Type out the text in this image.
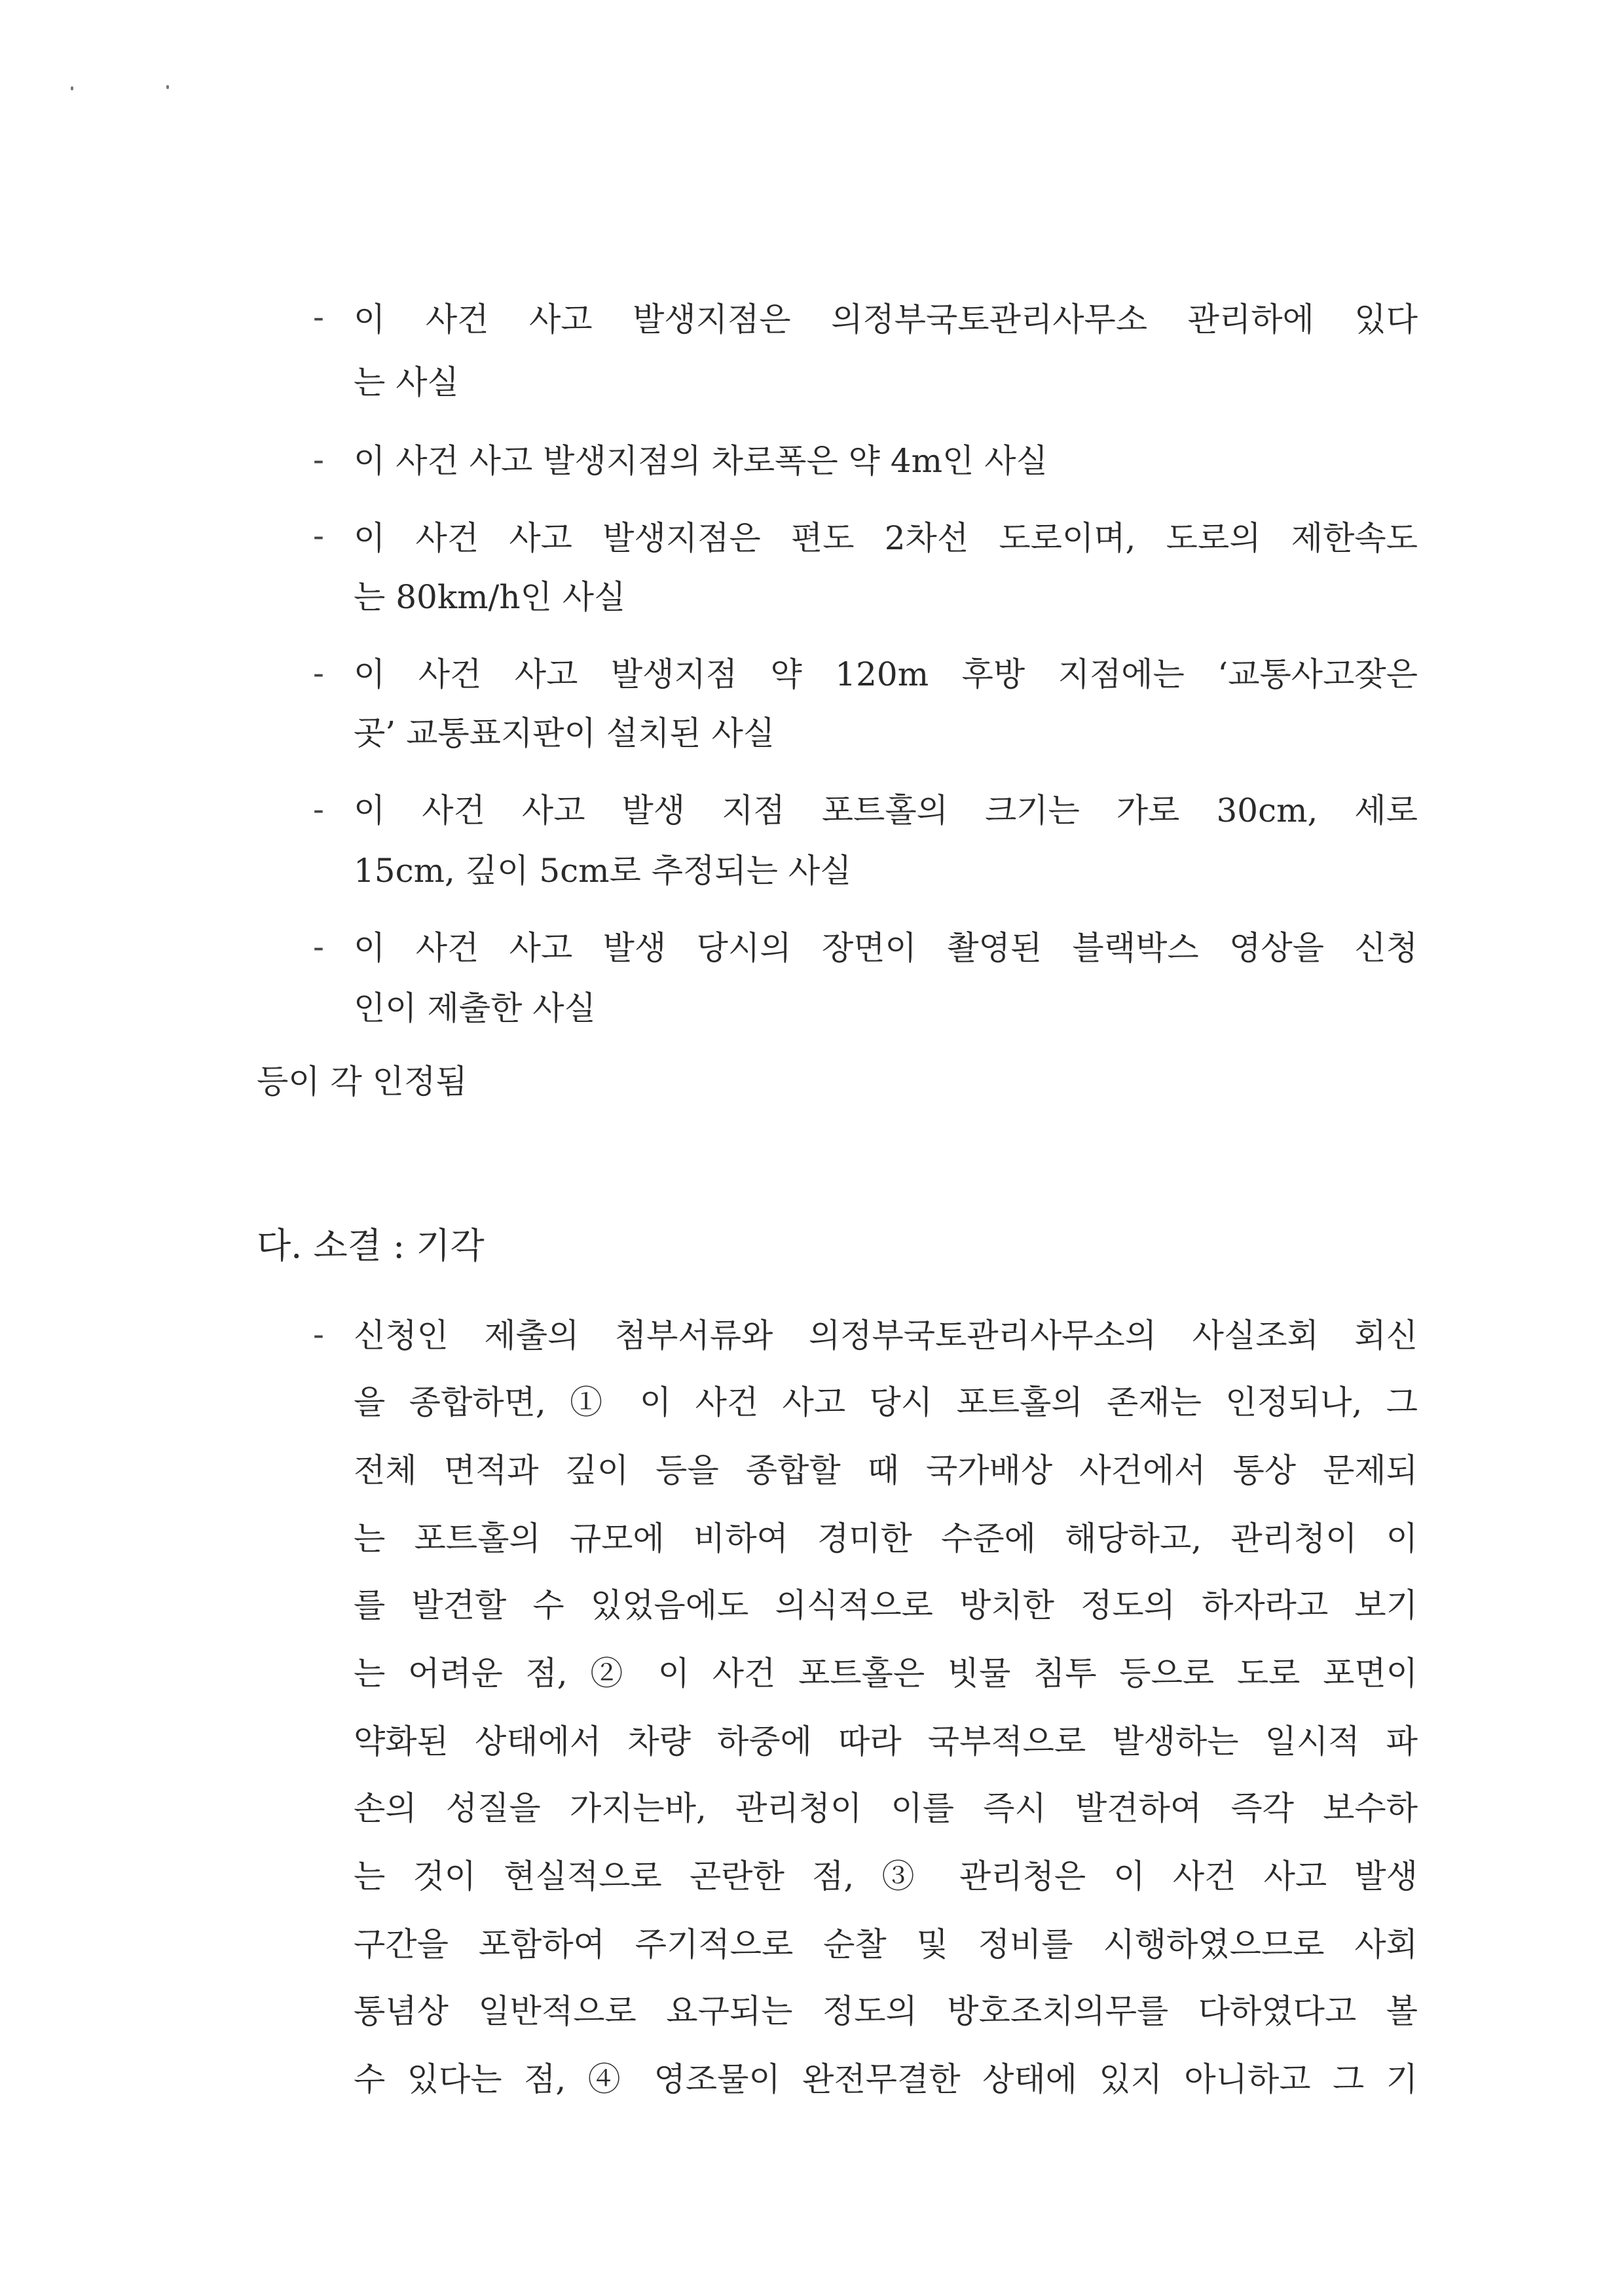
- 이 사건 사고 발생지점은 의정부국토관리사무소 관리하에 있다
는 사실
- 이 사건 사고 발생지점의 차로폭은 약 4m인 사실
- 이 사건 사고 발생지점은 편도 2차선 도로이며, 도로의 제한속도
는 80km/h인 사실
- 이 사건 사고 발생지점 약 120m 후방 지점에는 ‘교통사고잦은
곳’ 교통표지판이 설치된 사실
- 이 사건 사고 발생 지점 포트홀의 크기는 가로 30cm, 세로
15cm, 깊이 5cm로 추정되는 사실
- 이 사건 사고 발생 당시의 장면이 촬영된 블랙박스 영상을 신청
인이 제출한 사실
등이 각 인정됨
다. 소결 : 기각
- 신청인 제출의 첨부서류와 의정부국토관리사무소의 사실조회 회신
을 종합하면, ① 이 사건 사고 당시 포트홀의 존재는 인정되나, 그
전체 면적과 깊이 등을 종합할 때 국가배상 사건에서 통상 문제되
는 포트홀의 규모에 비하여 경미한 수준에 해당하고, 관리청이 이
를 발견할 수 있었음에도 의식적으로 방치한 정도의 하자라고 보기
는 어려운 점, ② 이 사건 포트홀은 빗물 침투 등으로 도로 포면이
약화된 상태에서 차량 하중에 따라 국부적으로 발생하는 일시적 파
손의 성질을 가지는바, 관리청이 이를 즉시 발견하여 즉각 보수하
는 것이 현실적으로 곤란한 점, ③ 관리청은 이 사건 사고 발생
구간을 포함하여 주기적으로 순찰 및 정비를 시행하였으므로 사회
통념상 일반적으로 요구되는 정도의 방호조치의무를 다하였다고 볼
수 있다는 점, ④ 영조물이 완전무결한 상태에 있지 아니하고 그 기
